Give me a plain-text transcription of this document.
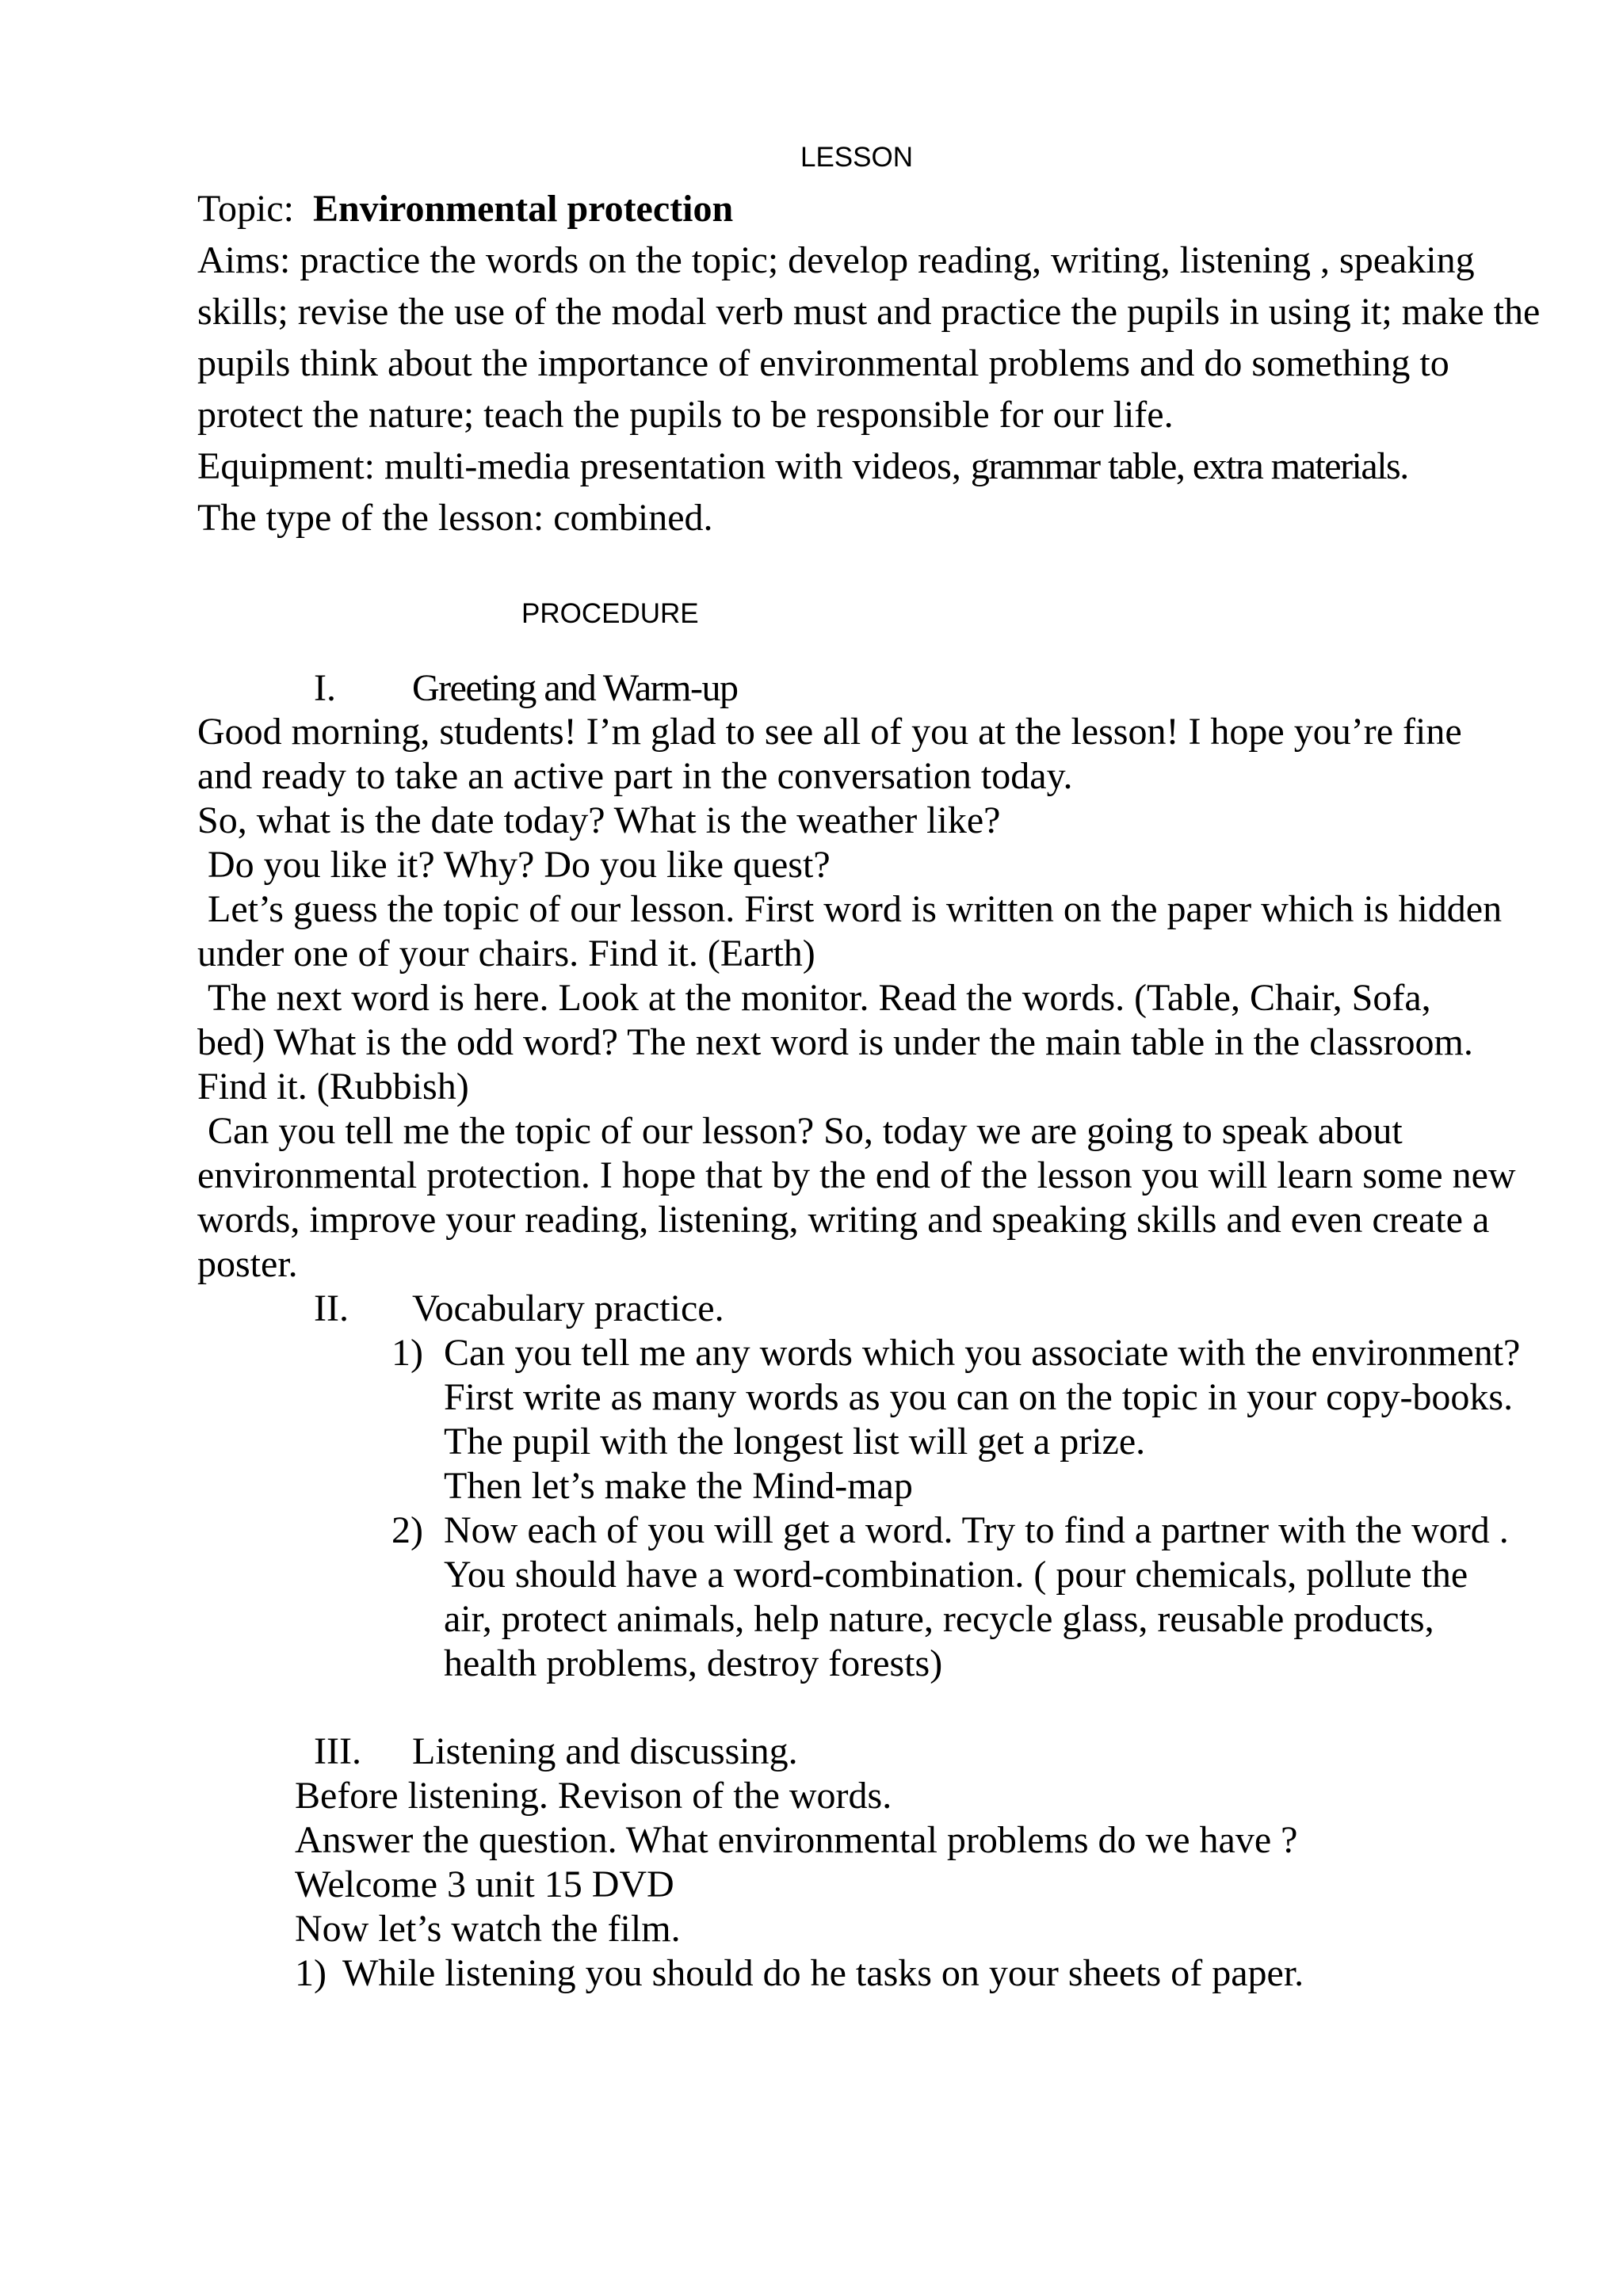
LESSON
Topic: Environmental protection
Aims: practice the words on the topic; develop reading, writing, listening , speaking
skills; revise the use of the modal verb must and practice the pupils in using it; make the
pupils think about the importance of environmental problems and do something to
protect the nature; teach the pupils to be responsible for our life.
Equipment: multi-media presentation with videos, grammar table, extra materials.
The type of the lesson: combined.
PROCEDURE
I. Greeting and Warm-up
Good morning, students! I’m glad to see all of you at the lesson! I hope you’re fine
and ready to take an active part in the conversation today.
So, what is the date today? What is the weather like?
Do you like it? Why? Do you like quest?
Let’s guess the topic of our lesson. First word is written on the paper which is hidden
under one of your chairs. Find it. (Earth)
The next word is here. Look at the monitor. Read the words. (Table, Chair, Sofa,
bed) What is the odd word? The next word is under the main table in the classroom.
Find it. (Rubbish)
Can you tell me the topic of our lesson? So, today we are going to speak about
environmental protection. I hope that by the end of the lesson you will learn some new
words, improve your reading, listening, writing and speaking skills and even create a
poster.
II. Vocabulary practice.
1) Can you tell me any words which you associate with the environment?
First write as many words as you can on the topic in your copy-books.
The pupil with the longest list will get a prize.
Then let’s make the Mind-map
2) Now each of you will get a word. Try to find a partner with the word .
You should have a word-combination. ( pour chemicals, pollute the
air, protect animals, help nature, recycle glass, reusable products,
health problems, destroy forests)
III. Listening and discussing.
Before listening. Revison of the words.
Answer the question. What environmental problems do we have ?
Welcome 3 unit 15 DVD
Now let’s watch the film.
1) While listening you should do he tasks on your sheets of paper.
